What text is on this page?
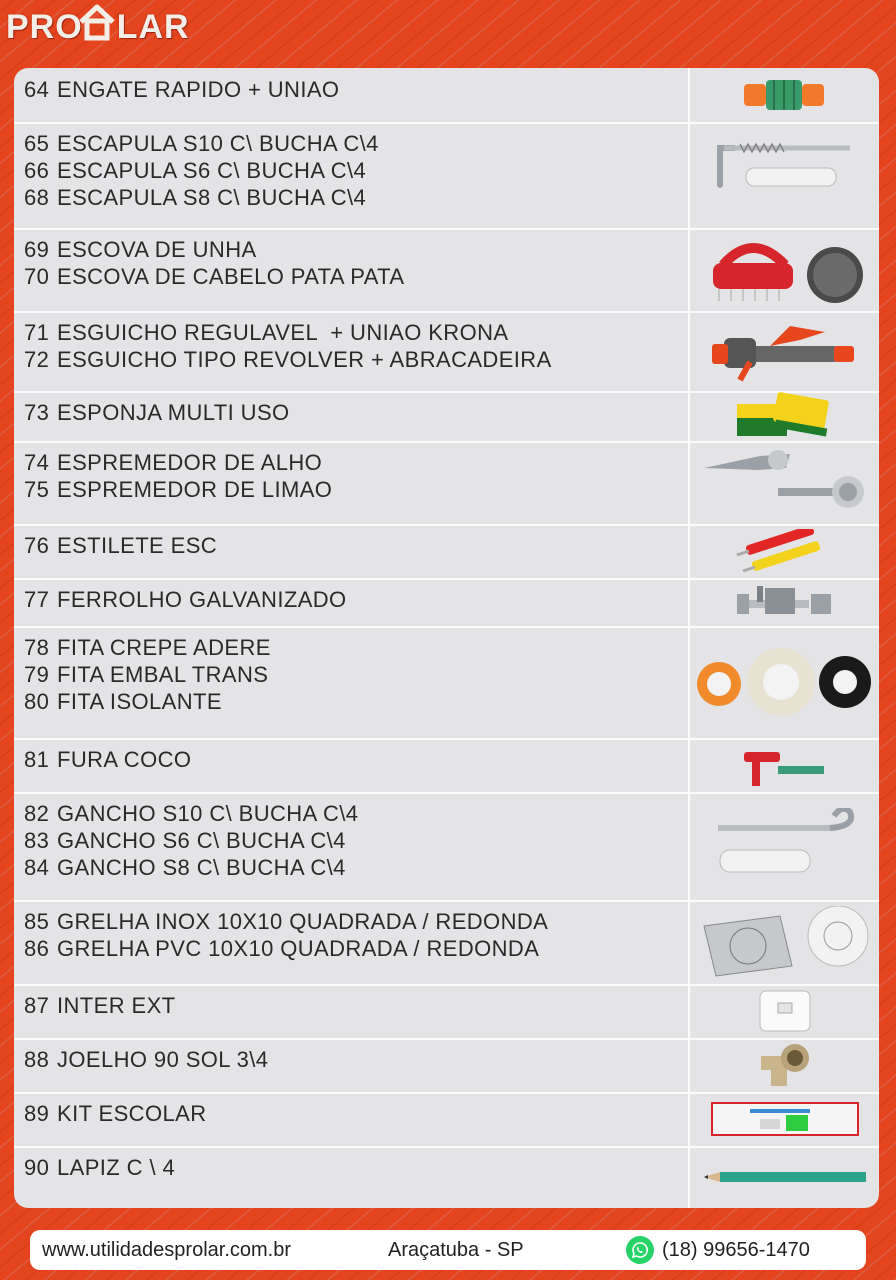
PRO LAR
64 ENGATE RAPIDO + UNIAO
65 ESCAPULA S10 C\ BUCHA C\4
66 ESCAPULA S6 C\ BUCHA C\4
68 ESCAPULA S8 C\ BUCHA C\4
69 ESCOVA DE UNHA
70 ESCOVA DE CABELO PATA PATA
71 ESGUICHO REGULAVEL  + UNIAO KRONA
72 ESGUICHO TIPO REVOLVER + ABRACADEIRA
73 ESPONJA MULTI USO
74 ESPREMEDOR DE ALHO
75 ESPREMEDOR DE LIMAO
76 ESTILETE ESC
77 FERROLHO GALVANIZADO
78 FITA CREPE ADERE
79 FITA EMBAL TRANS
80 FITA ISOLANTE
81 FURA COCO
82 GANCHO S10 C\ BUCHA C\4
83 GANCHO S6 C\ BUCHA C\4
84 GANCHO S8 C\ BUCHA C\4
85 GRELHA INOX 10X10 QUADRADA / REDONDA
86 GRELHA PVC 10X10 QUADRADA / REDONDA
87 INTER EXT
88 JOELHO 90 SOL 3\4
89 KIT ESCOLAR
90 LAPIZ C \ 4
www.utilidadesprolar.com.br	Araçatuba - SP	(18) 99656-1470
